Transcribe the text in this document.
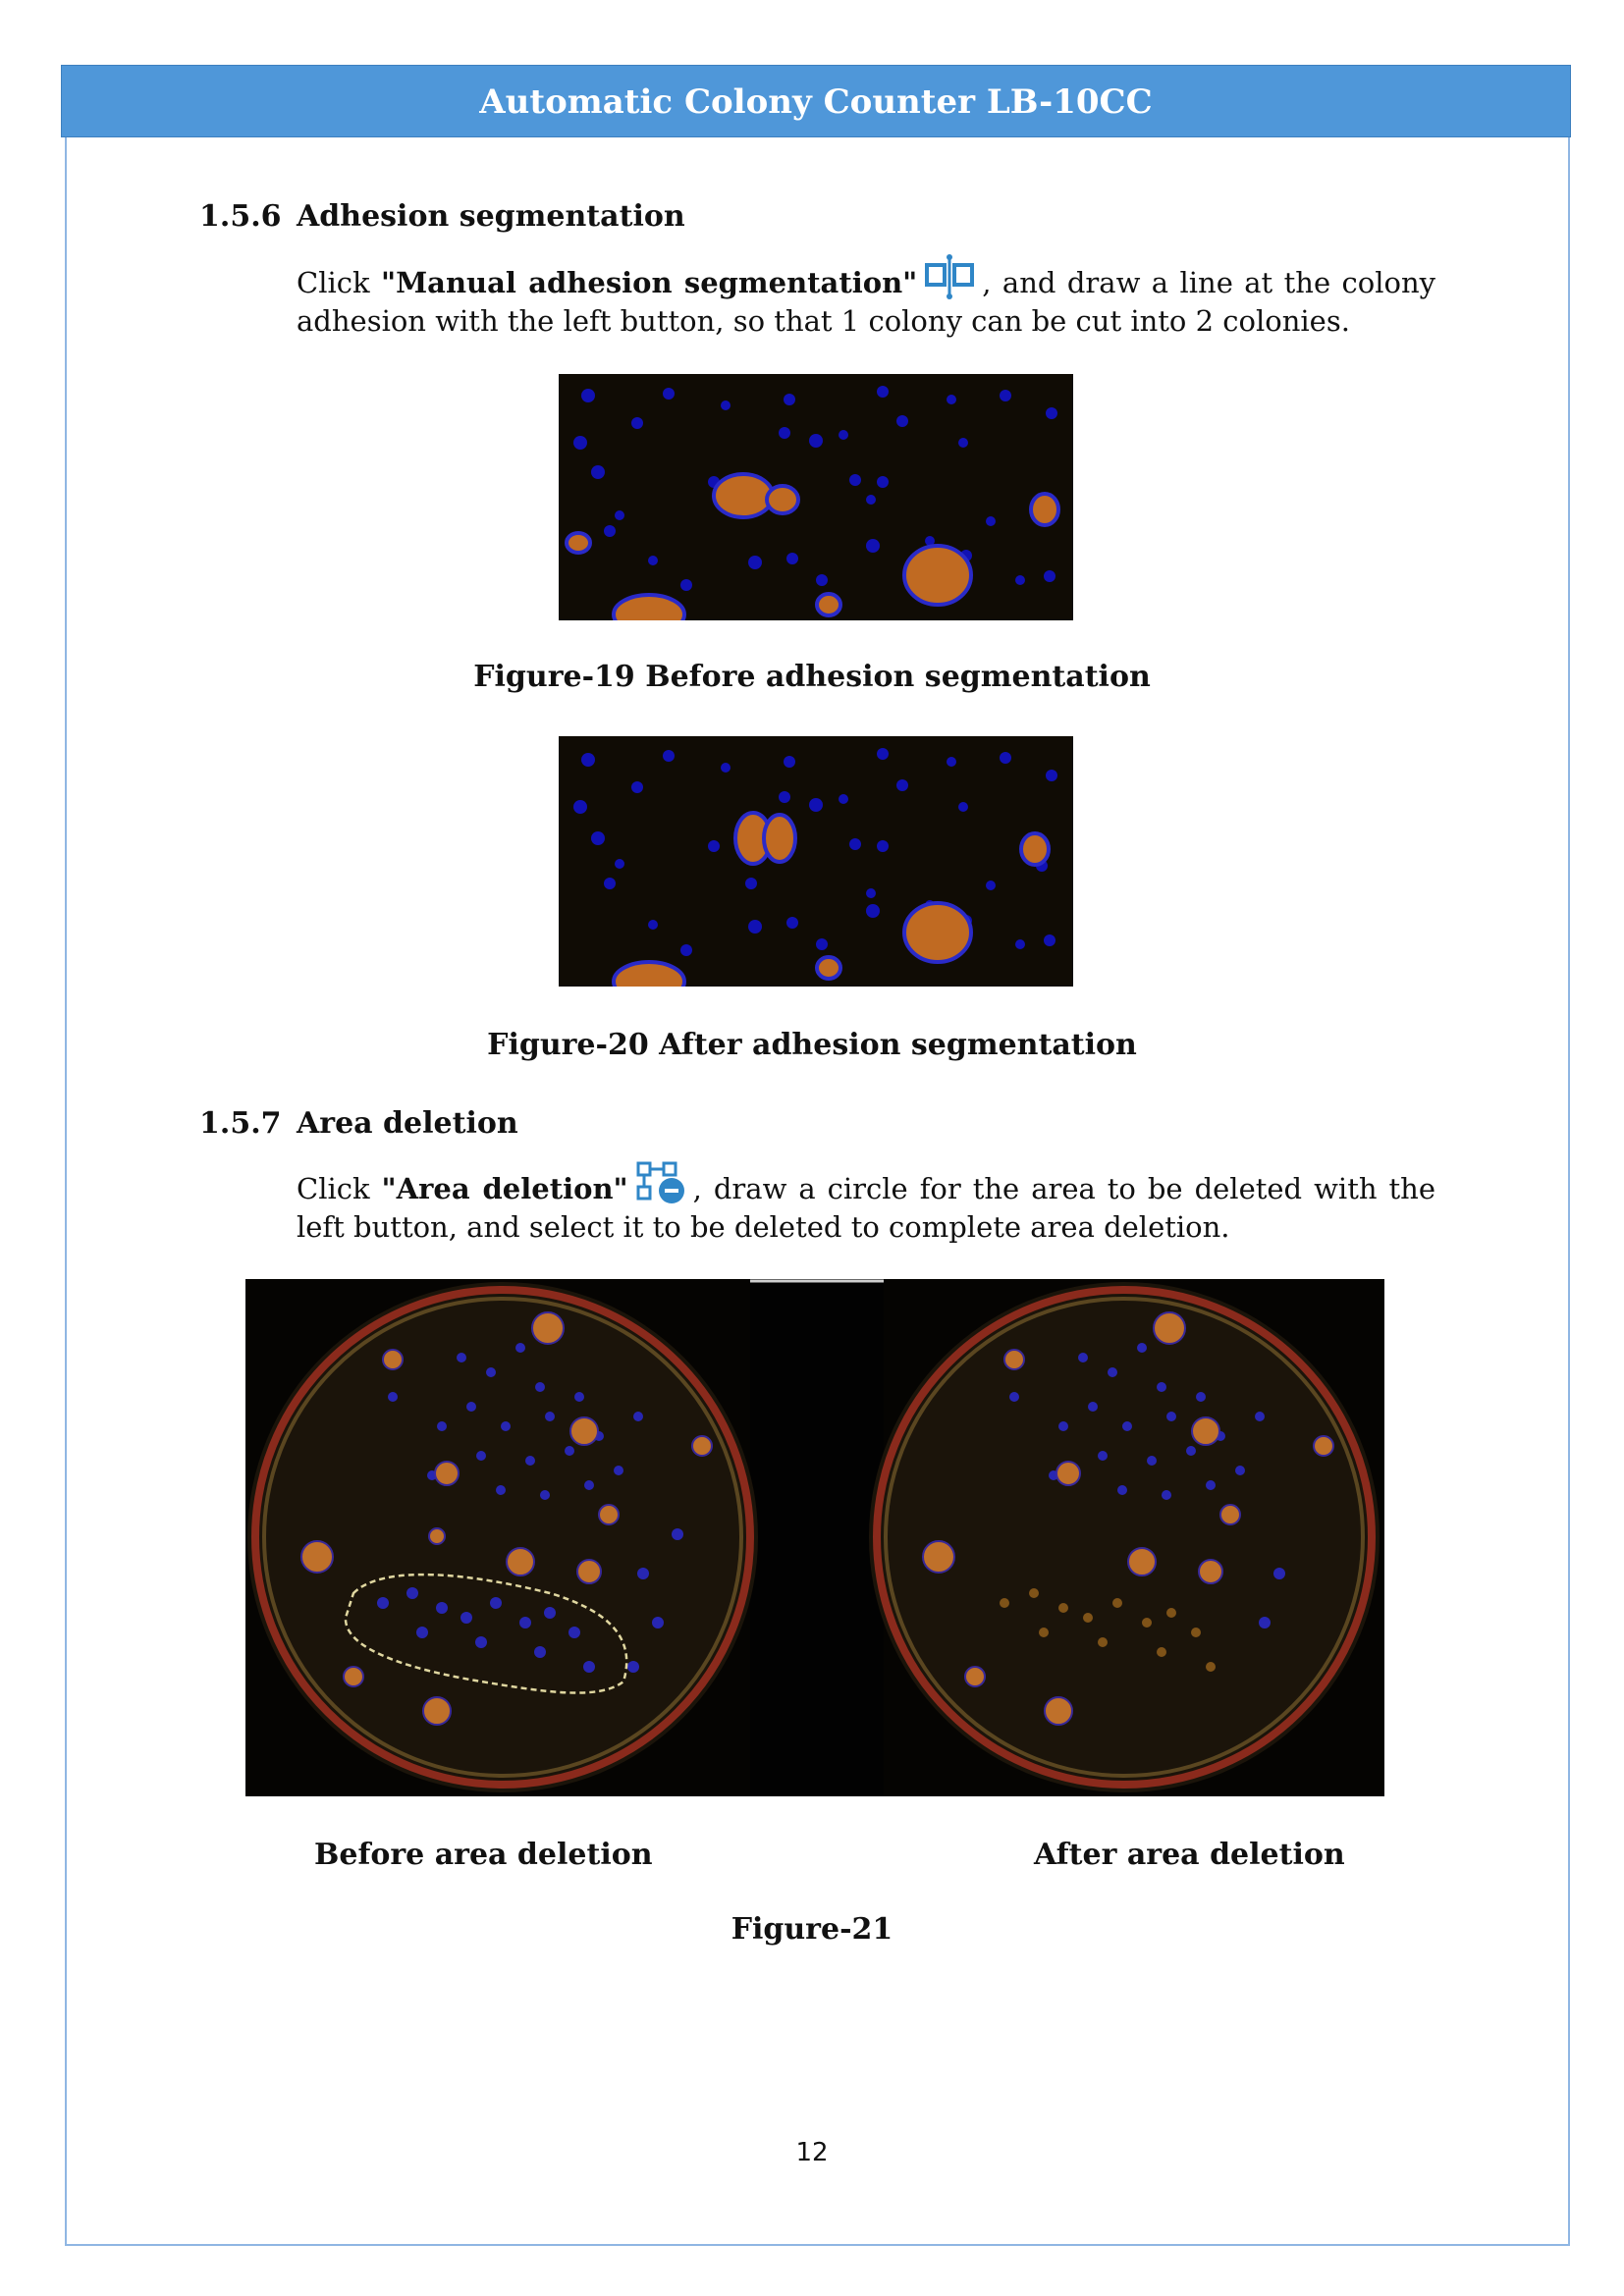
Automatic Colony Counter LB-10CC
1.5.6 Adhesion segmentation
Click "Manual adhesion segmentation" , and draw a line at the colony adhesion with the left button, so that 1 colony can be cut into 2 colonies.
Figure-19 Before adhesion segmentation
Figure-20 After adhesion segmentation
1.5.7 Area deletion
Click "Area deletion" , draw a circle for the area to be deleted with the left button, and select it to be deleted to complete area deletion.
Before area deletion	After area deletion
Figure-21
12
